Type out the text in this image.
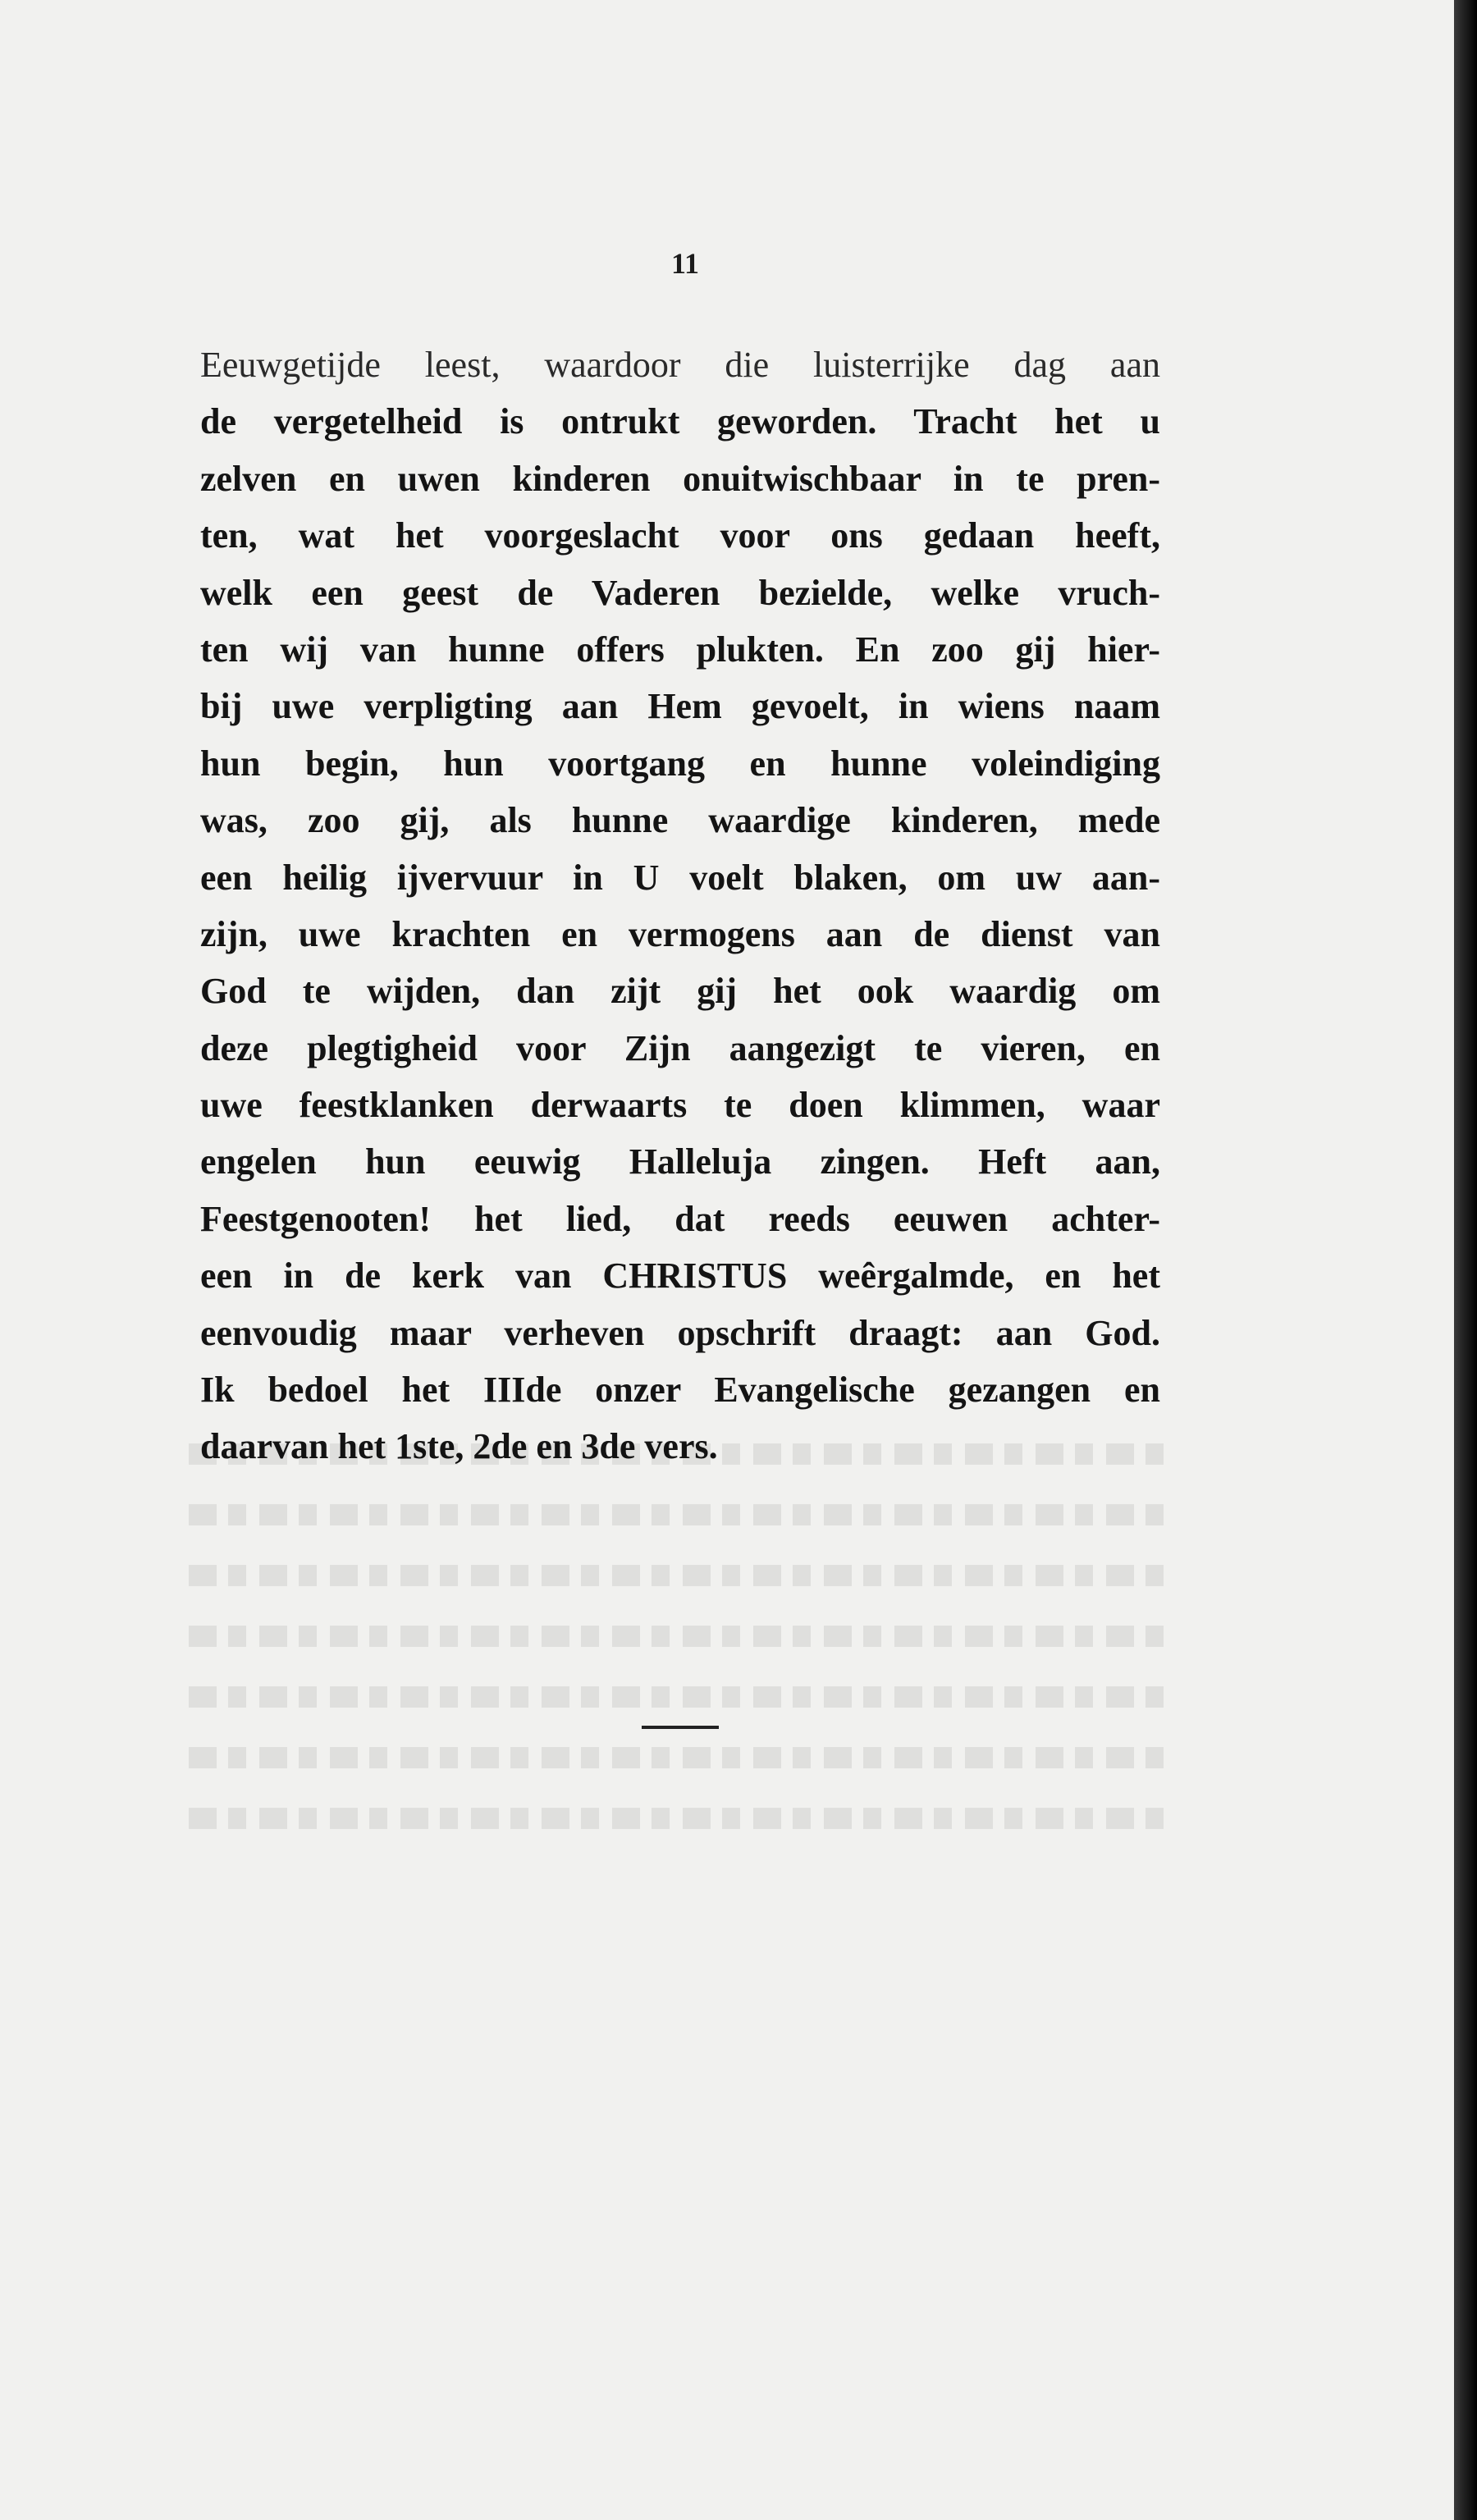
11
Eeuwgetijde leest, waardoor die luisterrijke dag aan
de vergetelheid is ontrukt geworden. Tracht het u
zelven en uwen kinderen onuitwischbaar in te pren-
ten, wat het voorgeslacht voor ons gedaan heeft,
welk een geest de Vaderen bezielde, welke vruch-
ten wij van hunne offers plukten. En zoo gij hier-
bij uwe verpligting aan Hem gevoelt, in wiens naam
hun begin, hun voortgang en hunne voleindiging
was, zoo gij, als hunne waardige kinderen, mede
een heilig ijvervuur in U voelt blaken, om uw aan-
zijn, uwe krachten en vermogens aan de dienst van
God te wijden, dan zijt gij het ook waardig om
deze plegtigheid voor Zijn aangezigt te vieren, en
uwe feestklanken derwaarts te doen klimmen, waar
engelen hun eeuwig Halleluja zingen. Heft aan,
Feestgenooten! het lied, dat reeds eeuwen achter-
een in de kerk van CHRISTUS weêrgalmde, en het
eenvoudig maar verheven opschrift draagt: aan God.
Ik bedoel het IIIde onzer Evangelische gezangen en
daarvan het 1ste, 2de en 3de vers.
